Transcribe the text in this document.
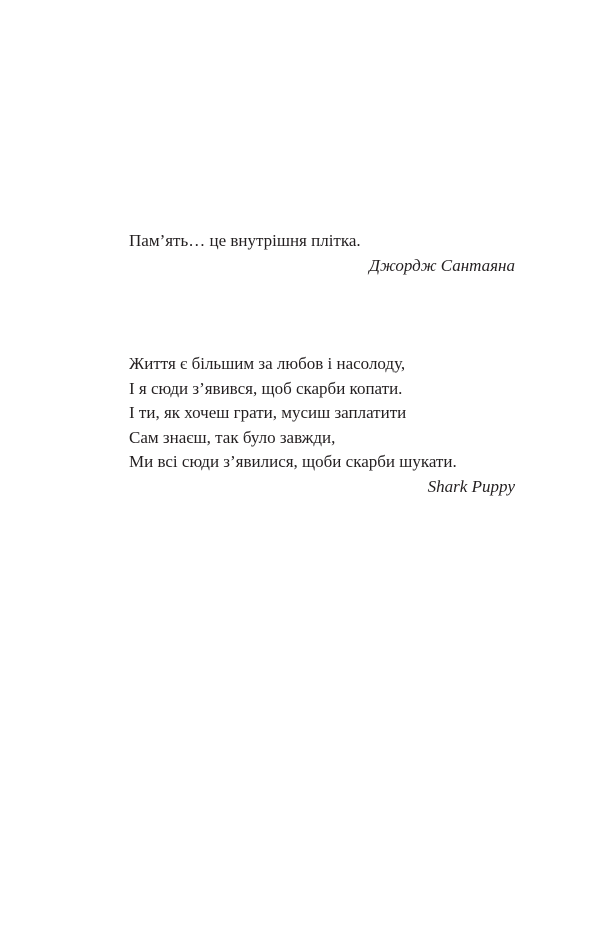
Пам’ять… це внутрішня плітка.

Джордж Сантаяна

Життя є більшим за любов і насолоду,

І я сюди з’явився, щоб скарби копати.

І ти, як хочеш грати, мусиш заплатити

Сам знаєш, так було завжди,

Ми всі сюди з’явилися, щоби скарби шукати.

Shark Puppy
